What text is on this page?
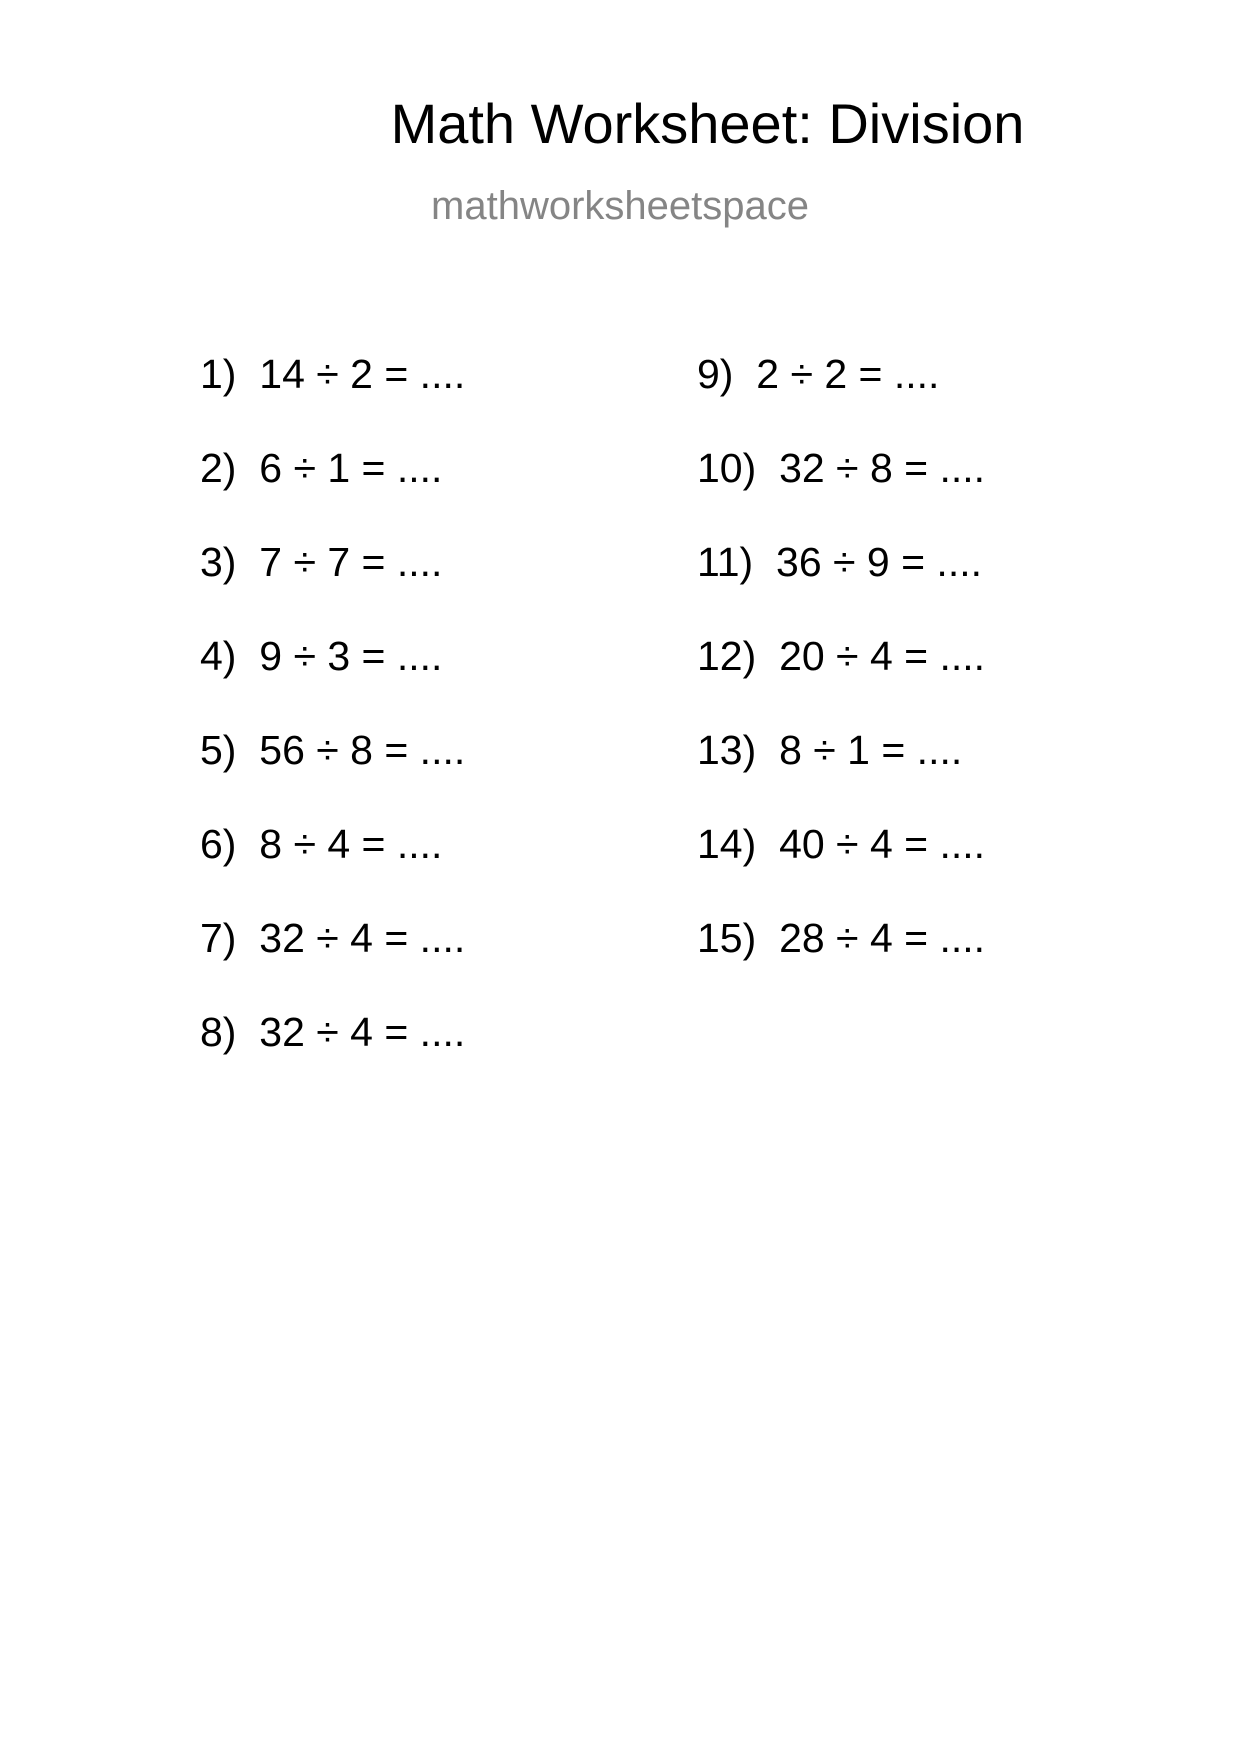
Math Worksheet: Division
mathworksheetspace
1) 14 ÷ 2 = ....
2) 6 ÷ 1 = ....
3) 7 ÷ 7 = ....
4) 9 ÷ 3 = ....
5) 56 ÷ 8 = ....
6) 8 ÷ 4 = ....
7) 32 ÷ 4 = ....
8) 32 ÷ 4 = ....
9) 2 ÷ 2 = ....
10) 32 ÷ 8 = ....
11) 36 ÷ 9 = ....
12) 20 ÷ 4 = ....
13) 8 ÷ 1 = ....
14) 40 ÷ 4 = ....
15) 28 ÷ 4 = ....
